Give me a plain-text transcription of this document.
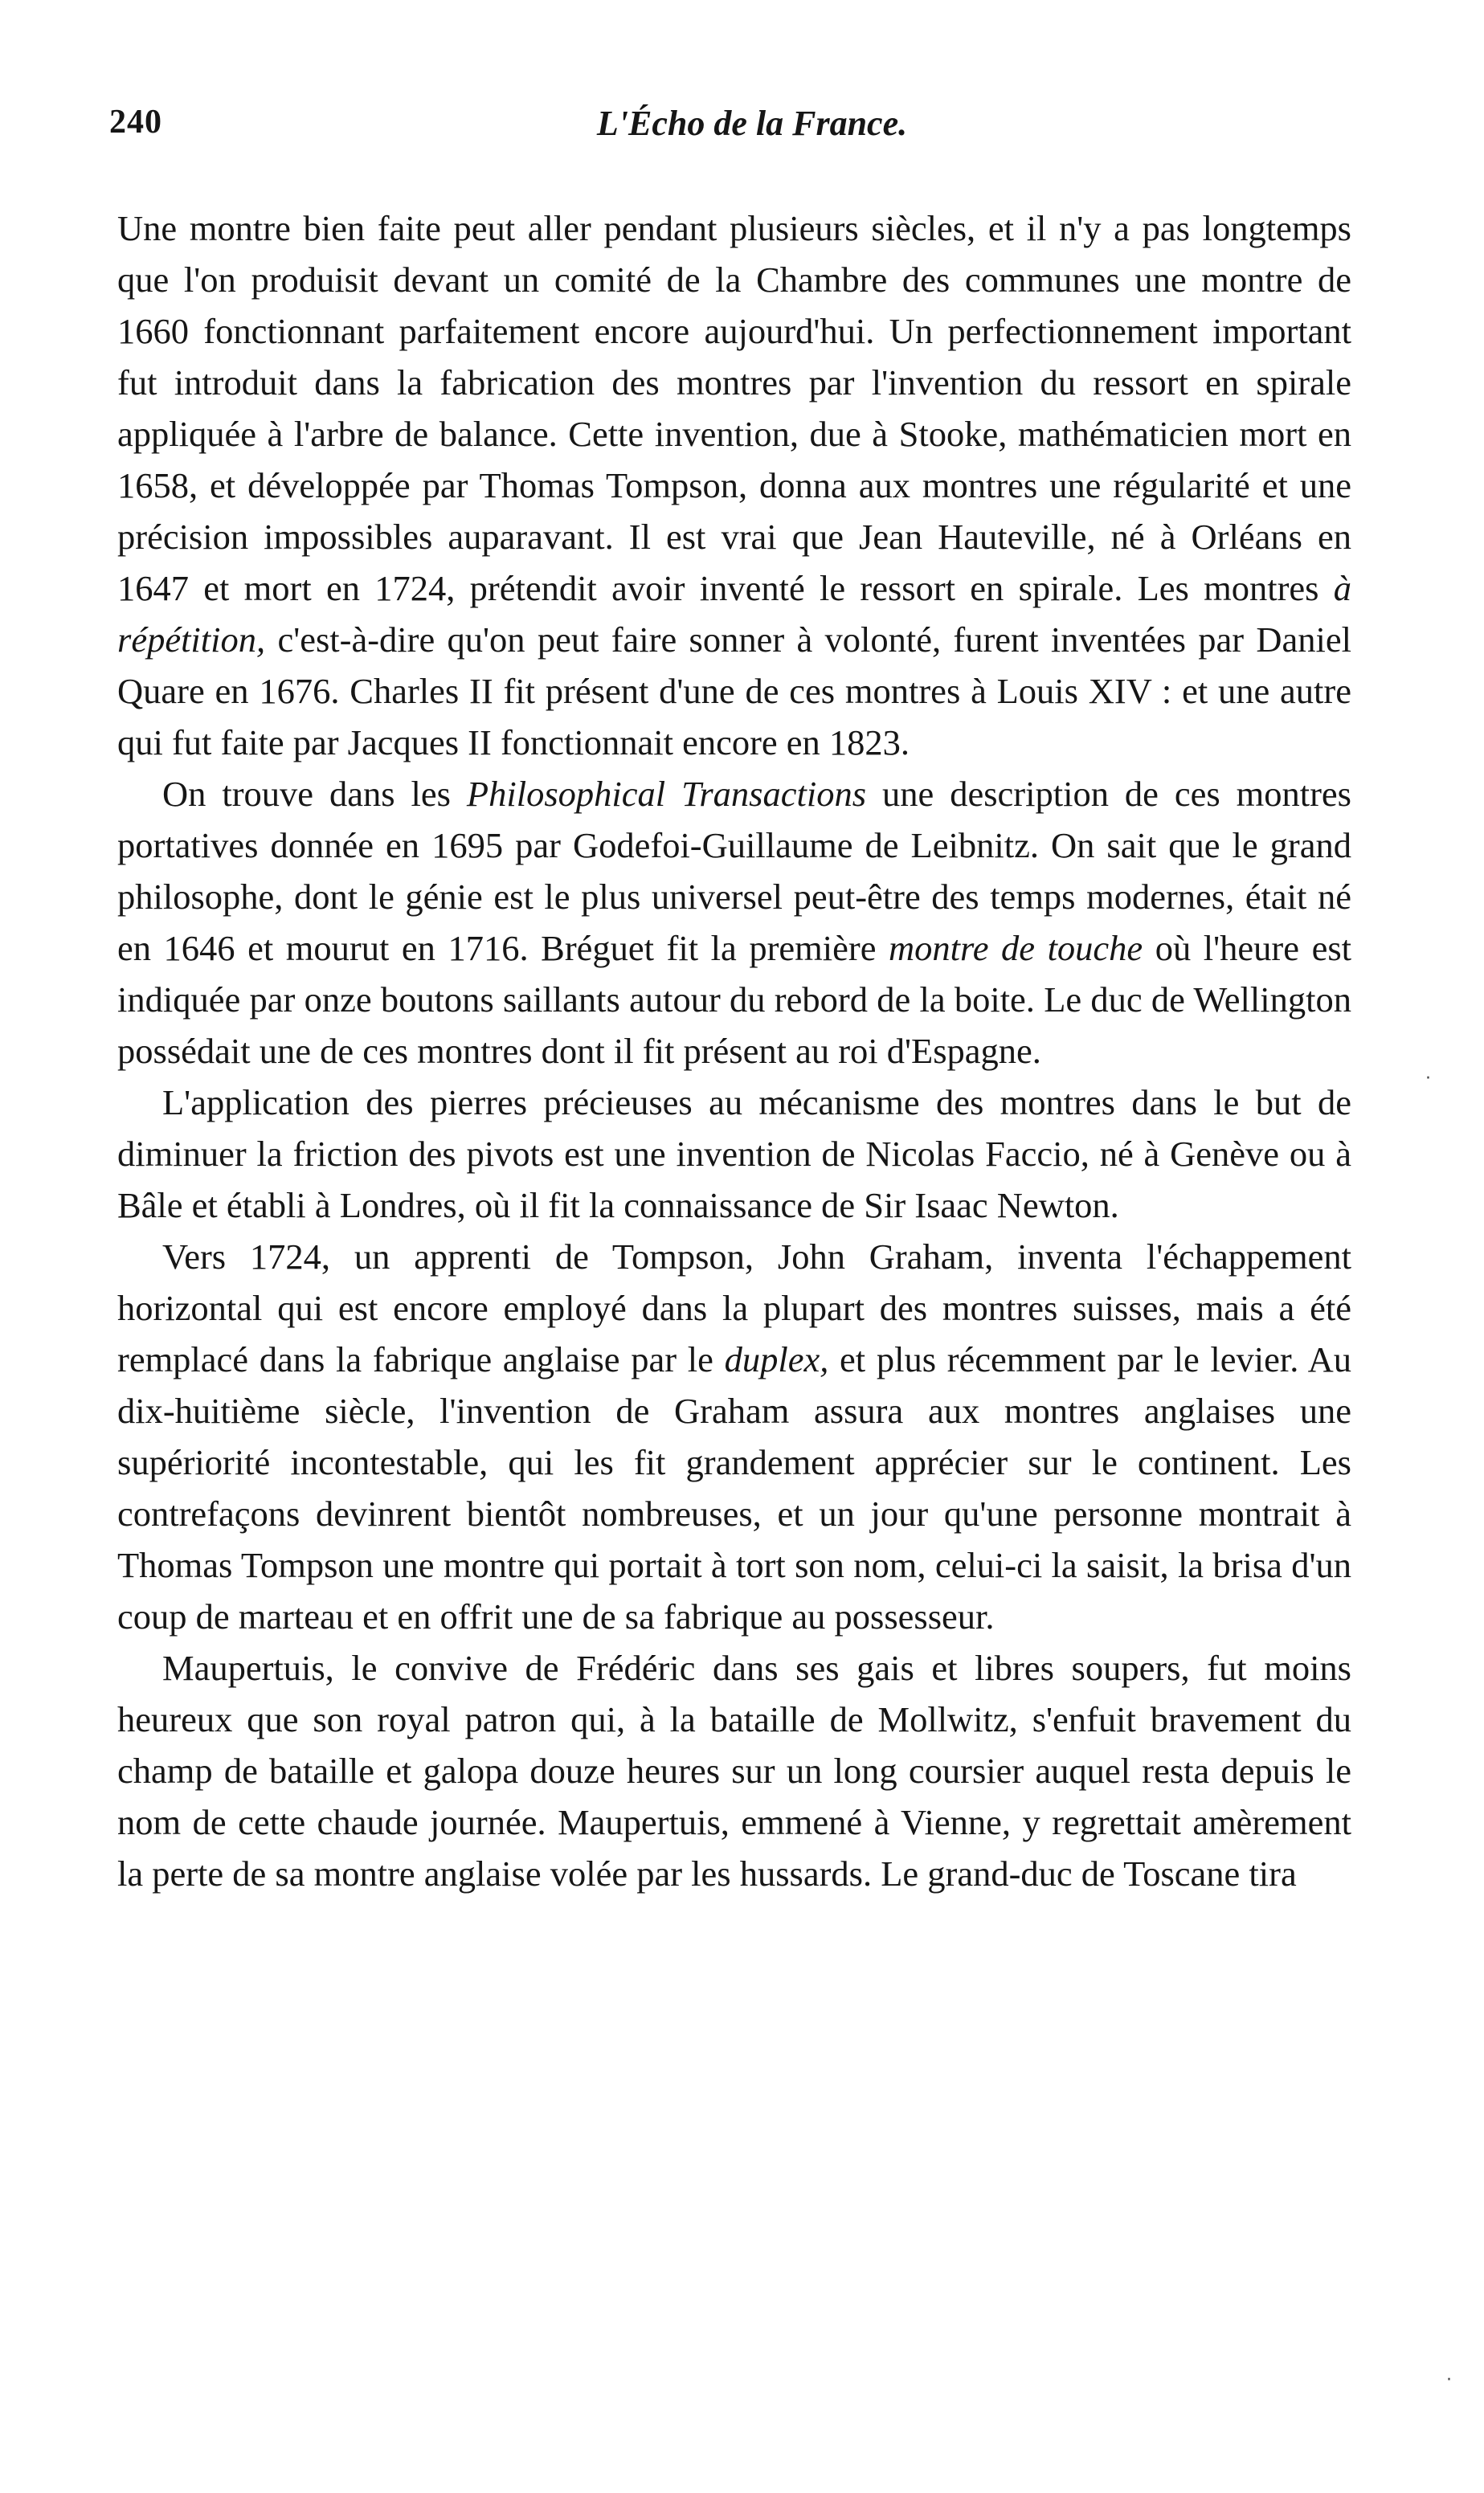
240	L'Écho de la France.

Une montre bien faite peut aller pendant plusieurs siècles, et il n'y a pas longtemps que l'on produisit devant un comité de la Chambre des communes une montre de 1660 fonctionnant parfaitement encore aujourd'hui. Un perfectionnement important fut introduit dans la fabrication des montres par l'invention du ressort en spirale appliquée à l'arbre de balance. Cette invention, due à Stooke, mathématicien mort en 1658, et développée par Thomas Tompson, donna aux montres une régularité et une précision impossibles auparavant. Il est vrai que Jean Hauteville, né à Orléans en 1647 et mort en 1724, prétendit avoir inventé le ressort en spirale. Les montres à répétition, c'est-à-dire qu'on peut faire sonner à volonté, furent inventées par Daniel Quare en 1676. Charles II fit présent d'une de ces montres à Louis XIV : et une autre qui fut faite par Jacques II fonctionnait encore en 1823.

On trouve dans les Philosophical Transactions une description de ces montres portatives donnée en 1695 par Godefoi-Guillaume de Leibnitz. On sait que le grand philosophe, dont le génie est le plus universel peut-être des temps modernes, était né en 1646 et mourut en 1716. Bréguet fit la première montre de touche où l'heure est indiquée par onze boutons saillants autour du rebord de la boite. Le duc de Wellington possédait une de ces montres dont il fit présent au roi d'Espagne.

L'application des pierres précieuses au mécanisme des montres dans le but de diminuer la friction des pivots est une invention de Nicolas Faccio, né à Genève ou à Bâle et établi à Londres, où il fit la connaissance de Sir Isaac Newton.

Vers 1724, un apprenti de Tompson, John Graham, inventa l'échappement horizontal qui est encore employé dans la plupart des montres suisses, mais a été remplacé dans la fabrique anglaise par le duplex, et plus récemment par le levier. Au dix-huitième siècle, l'invention de Graham assura aux montres anglaises une supériorité incontestable, qui les fit grandement apprécier sur le continent. Les contrefaçons devinrent bientôt nombreuses, et un jour qu'une personne montrait à Thomas Tompson une montre qui portait à tort son nom, celui-ci la saisit, la brisa d'un coup de marteau et en offrit une de sa fabrique au possesseur.

Maupertuis, le convive de Frédéric dans ses gais et libres soupers, fut moins heureux que son royal patron qui, à la bataille de Mollwitz, s'enfuit bravement du champ de bataille et galopa douze heures sur un long coursier auquel resta depuis le nom de cette chaude journée. Maupertuis, emmené à Vienne, y regrettait amèrement la perte de sa montre anglaise volée par les hussards. Le grand-duc de Toscane tira

·
·
